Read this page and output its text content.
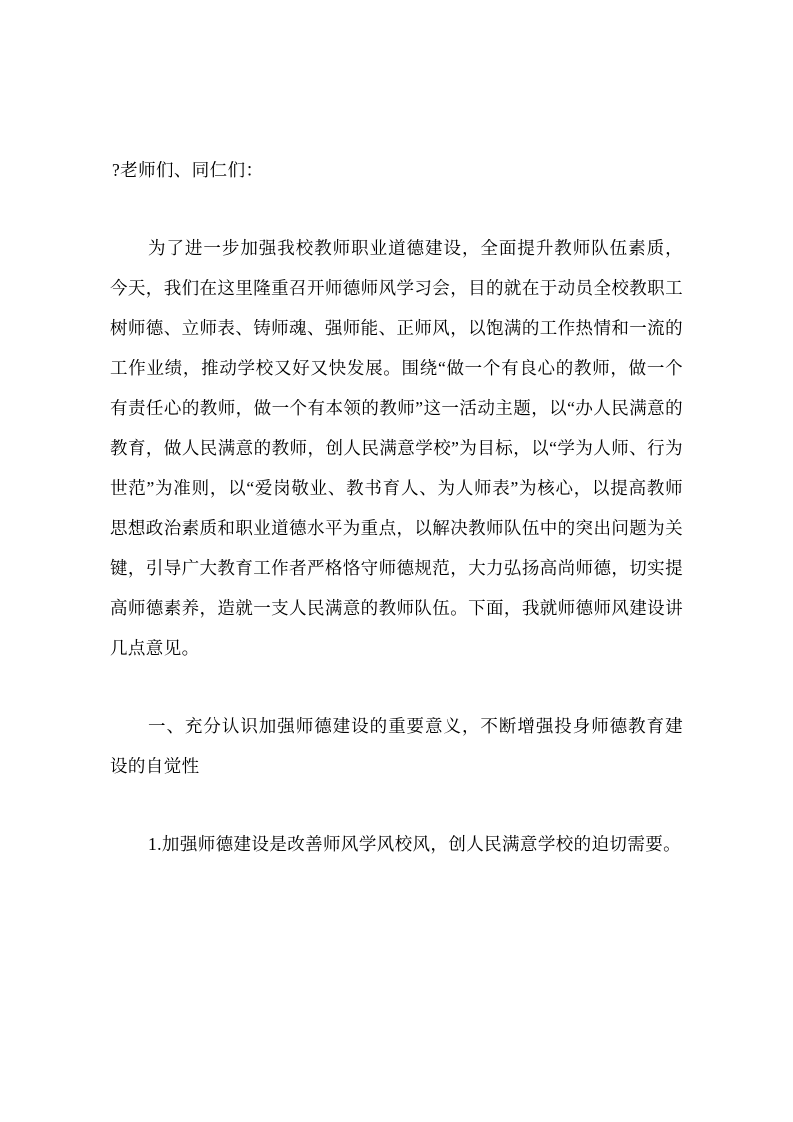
?老师们、同仁们：

为了进一步加强我校教师职业道德建设，全面提升教师队伍素质，今天，我们在这里隆重召开师德师风学习会，目的就在于动员全校教职工树师德、立师表、铸师魂、强师能、正师风，以饱满的工作热情和一流的工作业绩，推动学校又好又快发展。围绕“做一个有良心的教师，做一个有责任心的教师，做一个有本领的教师”这一活动主题，以“办人民满意的教育，做人民满意的教师，创人民满意学校”为目标，以“学为人师、行为世范”为准则，以“爱岗敬业、教书育人、为人师表”为核心，以提高教师思想政治素质和职业道德水平为重点，以解决教师队伍中的突出问题为关键，引导广大教育工作者严格恪守师德规范，大力弘扬高尚师德，切实提高师德素养，造就一支人民满意的教师队伍。下面，我就师德师风建设讲几点意见。

一、充分认识加强师德建设的重要意义，不断增强投身师德教育建设的自觉性

1.加强师德建设是改善师风学风校风，创人民满意学校的迫切需要。
